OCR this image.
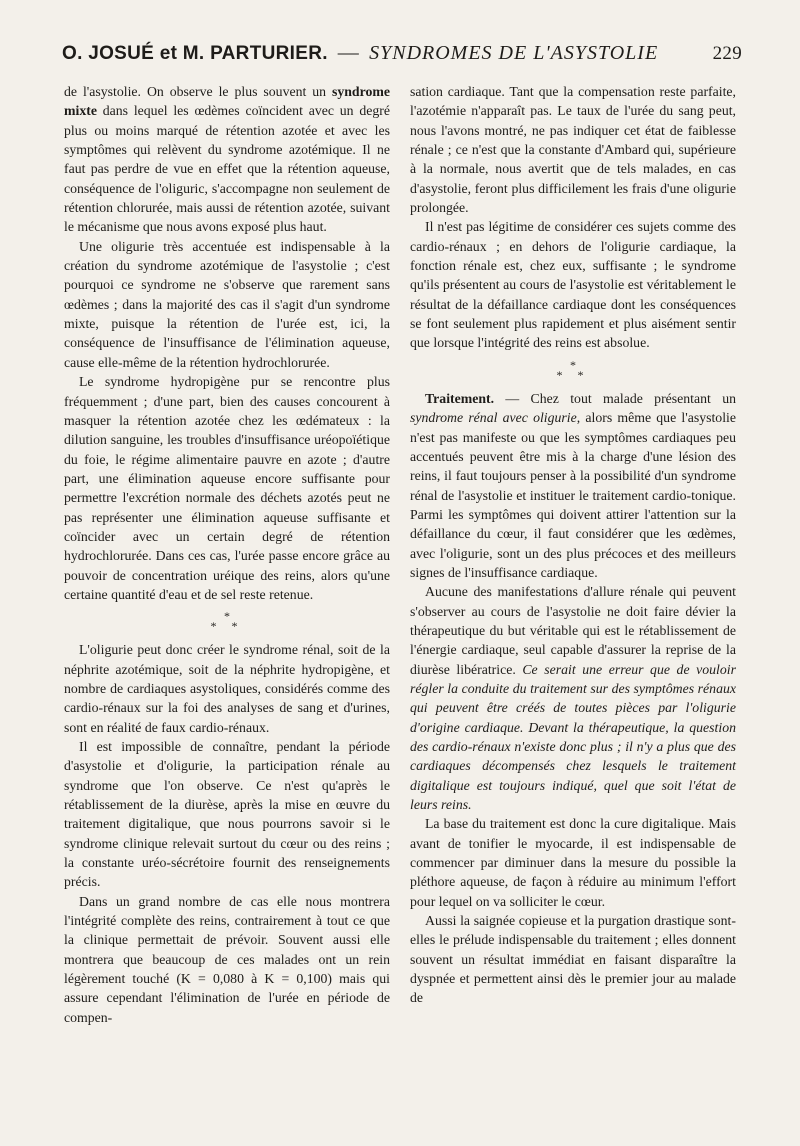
O. JOSUÉ et M. PARTURIER. — SYNDROMES DE L'ASYSTOLIE	229

de l'asystolie. On observe le plus souvent un syndrome mixte dans lequel les œdèmes coïncident avec un degré plus ou moins marqué de rétention azotée et avec les symptômes qui relèvent du syndrome azotémique. Il ne faut pas perdre de vue en effet que la rétention aqueuse, conséquence de l'oliguric, s'accompagne non seulement de rétention chlorurée, mais aussi de rétention azotée, suivant le mécanisme que nous avons exposé plus haut.

Une oligurie très accentuée est indispensable à la création du syndrome azotémique de l'asystolie ; c'est pourquoi ce syndrome ne s'observe que rarement sans œdèmes ; dans la majorité des cas il s'agit d'un syndrome mixte, puisque la rétention de l'urée est, ici, la conséquence de l'insuffisance de l'élimination aqueuse, cause elle-même de la rétention hydrochlorurée.

Le syndrome hydropigène pur se rencontre plus fréquemment ; d'une part, bien des causes concourent à masquer la rétention azotée chez les œdémateux : la dilution sanguine, les troubles d'insuffisance uréopoïétique du foie, le régime alimentaire pauvre en azote ; d'autre part, une élimination aqueuse encore suffisante pour permettre l'excrétion normale des déchets azotés peut ne pas représenter une élimination aqueuse suffisante et coïncider avec un certain degré de rétention hydrochlorurée. Dans ces cas, l'urée passe encore grâce au pouvoir de concentration uréique des reins, alors qu'une certaine quantité d'eau et de sel reste retenue.

*
* *

L'oligurie peut donc créer le syndrome rénal, soit de la néphrite azotémique, soit de la néphrite hydropigène, et nombre de cardiaques asystoliques, considérés comme des cardio-rénaux sur la foi des analyses de sang et d'urines, sont en réalité de faux cardio-rénaux.

Il est impossible de connaître, pendant la période d'asystolie et d'oligurie, la participation rénale au syndrome que l'on observe. Ce n'est qu'après le rétablissement de la diurèse, après la mise en œuvre du traitement digitalique, que nous pourrons savoir si le syndrome clinique relevait surtout du cœur ou des reins ; la constante uréo-sécrétoire fournit des renseignements précis.

Dans un grand nombre de cas elle nous montrera l'intégrité complète des reins, contrairement à tout ce que la clinique permettait de prévoir. Souvent aussi elle montrera que beaucoup de ces malades ont un rein légèrement touché (K = 0,080 à K = 0,100) mais qui assure cependant l'élimination de l'urée en période de compen-

sation cardiaque. Tant que la compensation reste parfaite, l'azotémie n'apparaît pas. Le taux de l'urée du sang peut, nous l'avons montré, ne pas indiquer cet état de faiblesse rénale ; ce n'est que la constante d'Ambard qui, supérieure à la normale, nous avertit que de tels malades, en cas d'asystolie, feront plus difficilement les frais d'une oligurie prolongée.

Il n'est pas légitime de considérer ces sujets comme des cardio-rénaux ; en dehors de l'oligurie cardiaque, la fonction rénale est, chez eux, suffisante ; le syndrome qu'ils présentent au cours de l'asystolie est véritablement le résultat de la défaillance cardiaque dont les conséquences se font seulement plus rapidement et plus aisément sentir que lorsque l'intégrité des reins est absolue.

*
* *

Traitement. — Chez tout malade présentant un syndrome rénal avec oligurie, alors même que l'asystolie n'est pas manifeste ou que les symptômes cardiaques peu accentués peuvent être mis à la charge d'une lésion des reins, il faut toujours penser à la possibilité d'un syndrome rénal de l'asystolie et instituer le traitement cardio-tonique. Parmi les symptômes qui doivent attirer l'attention sur la défaillance du cœur, il faut considérer que les œdèmes, avec l'oligurie, sont un des plus précoces et des meilleurs signes de l'insuffisance cardiaque.

Aucune des manifestations d'allure rénale qui peuvent s'observer au cours de l'asystolie ne doit faire dévier la thérapeutique du but véritable qui est le rétablissement de l'énergie cardiaque, seul capable d'assurer la reprise de la diurèse libératrice. Ce serait une erreur que de vouloir régler la conduite du traitement sur des symptômes rénaux qui peuvent être créés de toutes pièces par l'oligurie d'origine cardiaque. Devant la thérapeutique, la question des cardio-rénaux n'existe donc plus ; il n'y a plus que des cardiaques décompensés chez lesquels le traitement digitalique est toujours indiqué, quel que soit l'état de leurs reins.

La base du traitement est donc la cure digitalique. Mais avant de tonifier le myocarde, il est indispensable de commencer par diminuer dans la mesure du possible la pléthore aqueuse, de façon à réduire au minimum l'effort pour lequel on va solliciter le cœur.

Aussi la saignée copieuse et la purgation drastique sont-elles le prélude indispensable du traitement ; elles donnent souvent un résultat immédiat en faisant disparaître la dyspnée et permettent ainsi dès le premier jour au malade de
